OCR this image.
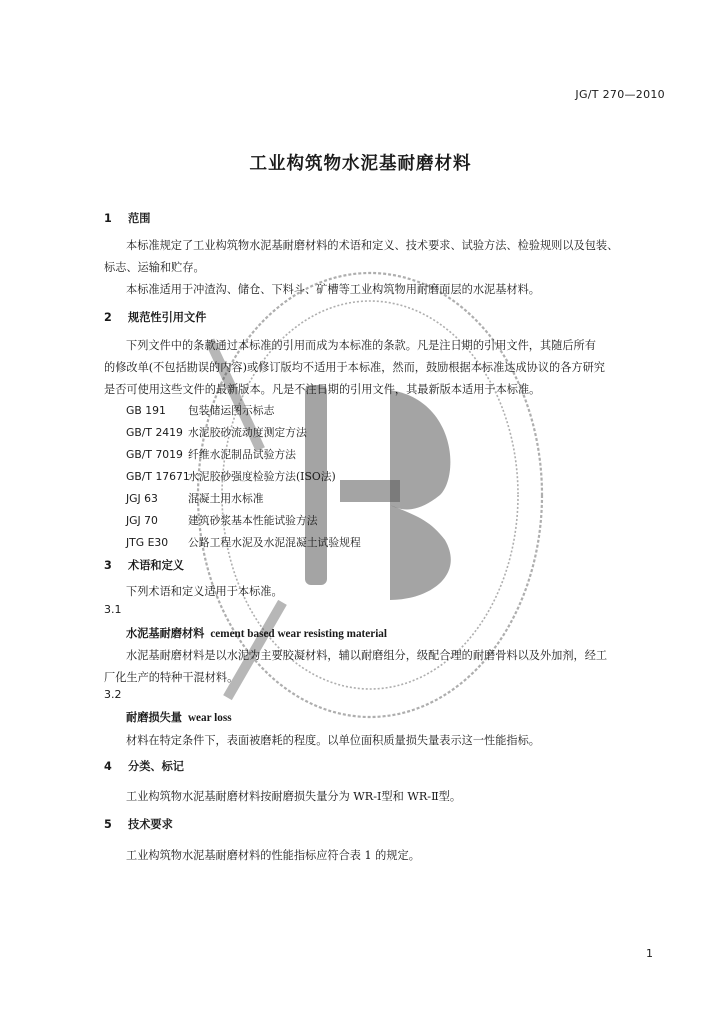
JG/T 270—2010
工业构筑物水泥基耐磨材料
1 范围
本标准规定了工业构筑物水泥基耐磨材料的术语和定义、技术要求、试验方法、检验规则以及包装、
标志、运输和贮存。
本标准适用于冲渣沟、储仓、下料斗、矿槽等工业构筑物用耐磨面层的水泥基材料。
2 规范性引用文件
下列文件中的条款通过本标准的引用而成为本标准的条款。凡是注日期的引用文件，其随后所有
的修改单(不包括勘误的内容)或修订版均不适用于本标准，然而，鼓励根据本标准达成协议的各方研究
是否可使用这些文件的最新版本。凡是不注日期的引用文件，其最新版本适用于本标准。
GB 191 包装储运图示标志
GB/T 2419 水泥胶砂流动度测定方法
GB/T 7019 纤维水泥制品试验方法
GB/T 17671水泥胶砂强度检验方法(ISO法)
JGJ 63	混凝土用水标准
JGJ 70	建筑砂浆基本性能试验方法
JTG E30 公路工程水泥及水泥混凝土试验规程
3 术语和定义
下列术语和定义适用于本标准。
3.1
水泥基耐磨材料 cement based wear resisting material
水泥基耐磨材料是以水泥为主要胶凝材料，辅以耐磨组分，级配合理的耐磨骨料以及外加剂，经工
厂化生产的特种干混材料。
3.2
耐磨损失量 wear loss
材料在特定条件下，表面被磨耗的程度。以单位面积质量损失量表示这一性能指标。
4 分类、标记
工业构筑物水泥基耐磨材料按耐磨损失量分为 WR-Ⅰ型和 WR-Ⅱ型。
5 技术要求
工业构筑物水泥基耐磨材料的性能指标应符合表 1 的规定。
1
